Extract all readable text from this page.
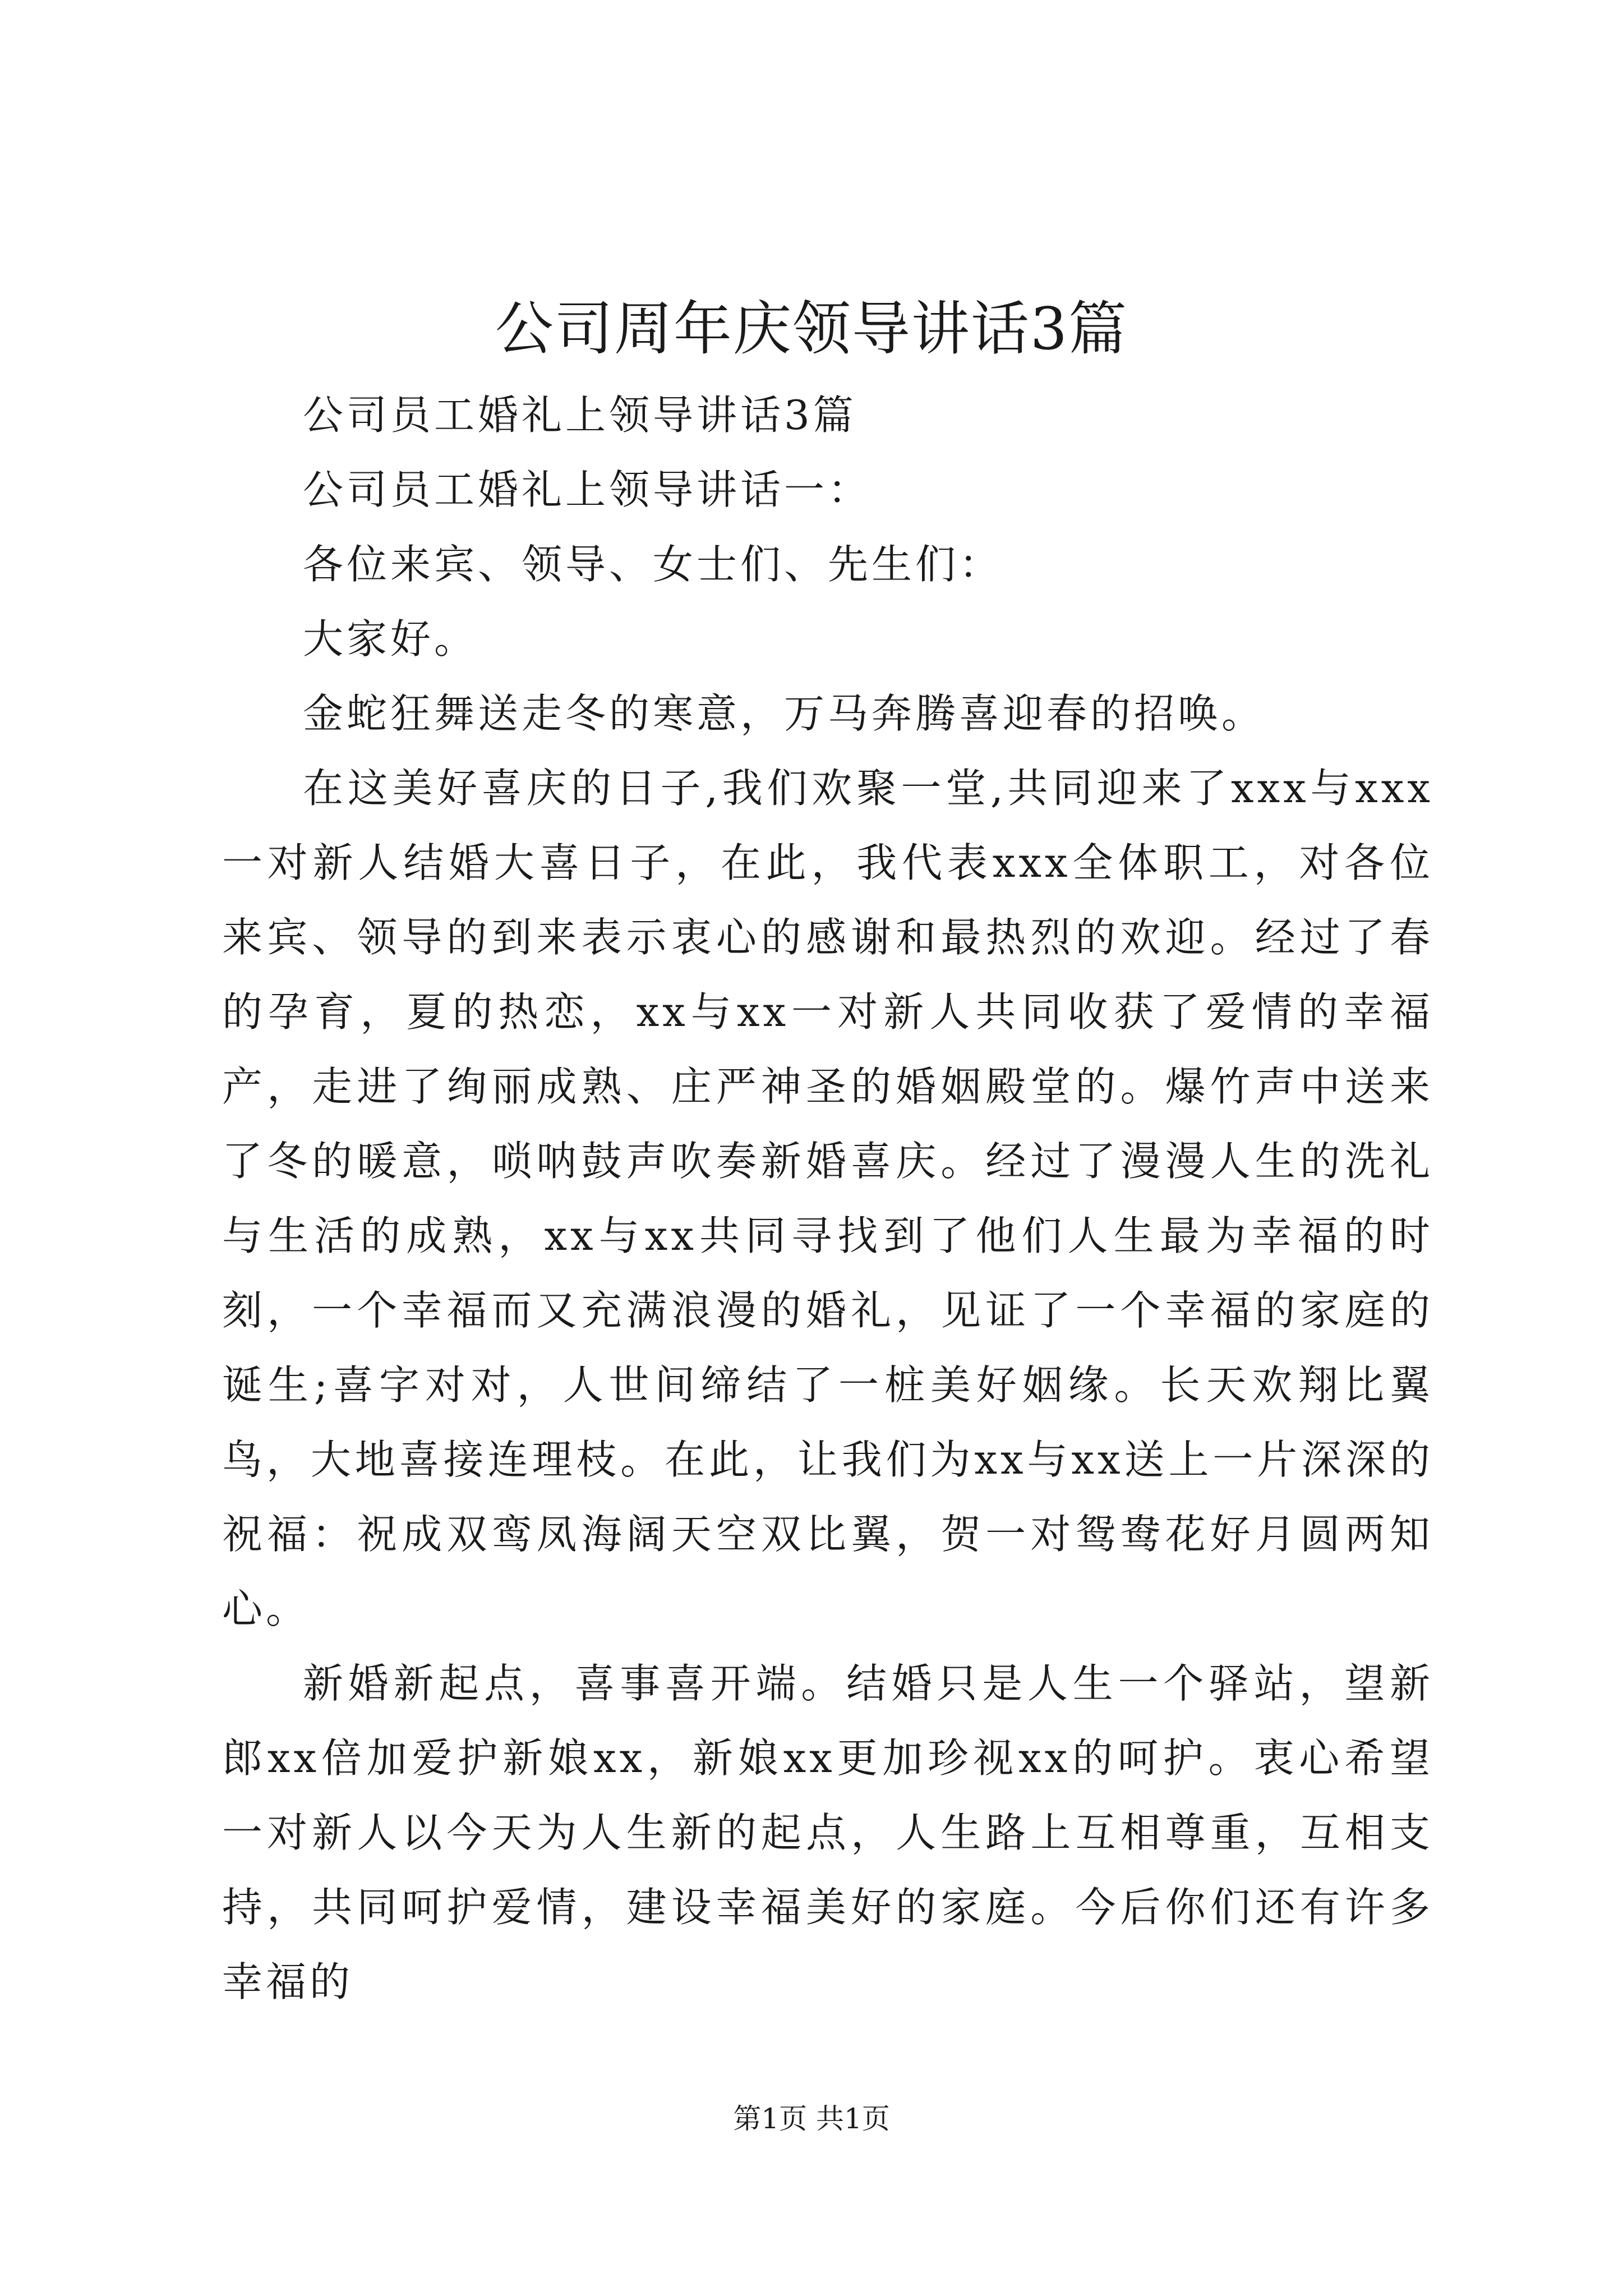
公司周年庆领导讲话3篇

公司员工婚礼上领导讲话3篇

公司员工婚礼上领导讲话一：

各位来宾、领导、女士们、先生们：

大家好。

金蛇狂舞送走冬的寒意，万马奔腾喜迎春的招唤。

在这美好喜庆的日子,我们欢聚一堂,共同迎来了xxx与xxx一对新人结婚大喜日子，在此，我代表xxx全体职工，对各位来宾、领导的到来表示衷心的感谢和最热烈的欢迎。经过了春的孕育，夏的热恋，xx与xx一对新人共同收获了爱情的幸福产，走进了绚丽成熟、庄严神圣的婚姻殿堂的。爆竹声中送来了冬的暖意，唢呐鼓声吹奏新婚喜庆。经过了漫漫人生的洗礼与生活的成熟，xx与xx共同寻找到了他们人生最为幸福的时刻，一个幸福而又充满浪漫的婚礼，见证了一个幸福的家庭的诞生;喜字对对，人世间缔结了一桩美好姻缘。长天欢翔比翼鸟，大地喜接连理枝。在此，让我们为xx与xx送上一片深深的祝福：祝成双鸾凤海阔天空双比翼，贺一对鸳鸯花好月圆两知心。

新婚新起点，喜事喜开端。结婚只是人生一个驿站，望新郎xx倍加爱护新娘xx，新娘xx更加珍视xx的呵护。衷心希望一对新人以今天为人生新的起点，人生路上互相尊重，互相支持，共同呵护爱情，建设幸福美好的家庭。今后你们还有许多幸福的

第1页 共1页
